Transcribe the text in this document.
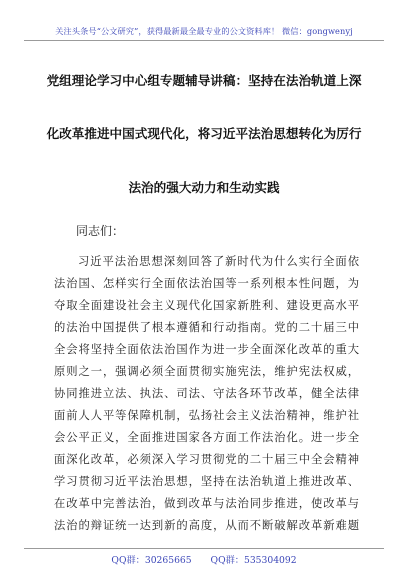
关注头条号“公文研究”，获得最新最全最专业的公文资料库！ 微信：gongwenyj
党组理论学习中心组专题辅导讲稿：坚持在法治轨道上深
化改革推进中国式现代化，将习近平法治思想转化为厉行
法治的强大动力和生动实践
同志们：
习近平法治思想深刻回答了新时代为什么实行全面依
法治国、怎样实行全面依法治国等一系列根本性问题，为
夺取全面建设社会主义现代化国家新胜利、建设更高水平
的法治中国提供了根本遵循和行动指南。党的二十届三中
全会将坚持全面依法治国作为进一步全面深化改革的重大
原则之一，强调必须全面贯彻实施宪法，维护宪法权威，
协同推进立法、执法、司法、守法各环节改革，健全法律
面前人人平等保障机制，弘扬社会主义法治精神，维护社
会公平正义，全面推进国家各方面工作法治化。进一步全
面深化改革，必须深入学习贯彻党的二十届三中全会精神
学习贯彻习近平法治思想，坚持在法治轨道上推进改革、
在改革中完善法治，做到改革与法治同步推进，使改革与
法治的辩证统一达到新的高度，从而不断破解改革新难题
QQ群：30265665 QQ群：535304092
